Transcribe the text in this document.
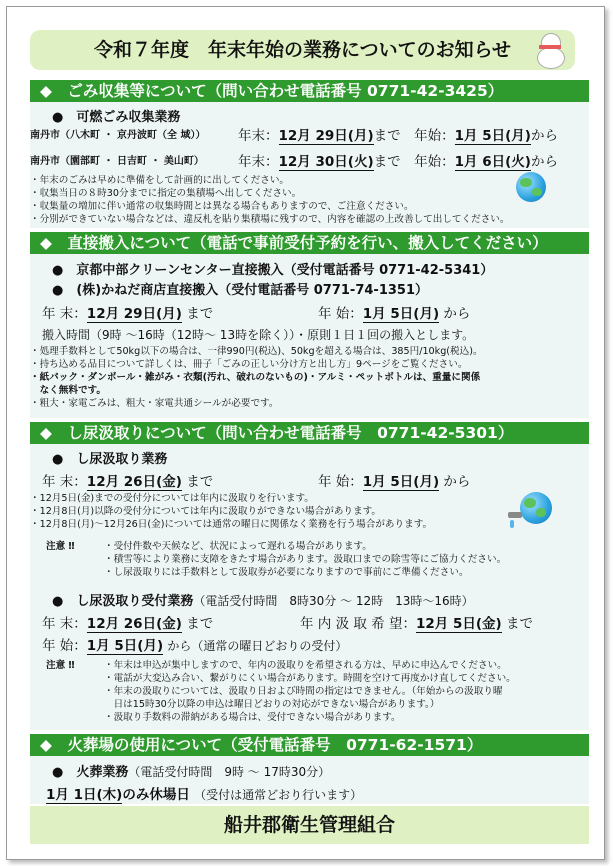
令和７年度　年末年始の業務についてのお知らせ
◆　ごみ収集等について（問い合わせ電話番号 0771-42-3425）
●　可燃ごみ収集業務
南丹市（八木町 ・ 京丹波町（全 域）） 年末：12月 29日(月)まで　年始：1月 5日(月)から
南丹市（園部町 ・ 日吉町 ・ 美山町）	年末：12月 30日(火)まで　年始：1月 6日(火)から
・年末のごみは早めに準備をして計画的に出してください。
・収集当日の８時30分までに指定の集積場へ出してください。
・収集量の増加に伴い通常の収集時間とは異なる場合もありますので、ご注意ください。
・分別ができていない場合などは、違反札を貼り集積場に残すので、内容を確認の上改善して出してください。
◆　直接搬入について（電話で事前受付予約を行い、搬入してください）
●　京都中部クリーンセンター直接搬入（受付電話番号 0771-42-5341）
●　(株)かねだ商店直接搬入（受付電話番号 0771-74-1351）
年 末：12月 29日(月) まで	年 始：1月 5日(月) から
搬入時間（9時 ～16時（12時～ 13時を除く））・原則１日１回の搬入とします。
・処理手数料として50kg以下の場合は、一律990円(税込)、50kgを超える場合は、385円/10kg(税込)。
・持ち込める品目について詳しくは、冊子「ごみの正しい分け方と出し方」9ページをご覧ください。
・紙パック・ダンボール・雑がみ・衣類(汚れ、破れのないもの)・アルミ・ペットボトルは、重量に関係
　なく無料です。
・粗大・家電ごみは、粗大・家電共通シールが必要です。
◆　し尿汲取りについて（問い合わせ電話番号　0771-42-5301）
●　し尿汲取り業務
年 末：12月 26日(金) まで	年 始：1月 5日(月) から
・12月5日(金)までの受付分については年内に汲取りを行います。
・12月8日(月)以降の受付分については年内に汲取りができない場合があります。
・12月8日(月)～12月26日(金)については通常の曜日に関係なく業務を行う場合があります。
注意 ‼	・受付件数や天候など、状況によって遅れる場合があります。
・積雪等により業務に支障をきたす場合があります。汲取口までの除雪等にご協力ください。
・し尿汲取りには手数料として汲取券が必要になりますので事前にご準備ください。
●　し尿汲取り受付業務（電話受付時間　8時30分 ～ 12時　13時～16時）
年 末：12月 26日(金) まで	年 内 汲 取 希 望：12月 5日(金) まで
年 始：1月 5日(月) から（通常の曜日どおりの受付）
注意 ‼	・年末は申込が集中しますので、年内の汲取りを希望される方は、早めに申込んでください。
・電話が大変込み合い、繋がりにくい場合があります。時間を空けて再度かけ直してください。
・年末の汲取りについては、汲取り日および時間の指定はできません。（年始からの汲取り曜
　日は15時30分以降の申込は曜日どおりの対応ができない場合があります。）
・汲取り手数料の滞納がある場合は、受付できない場合があります。
◆　火葬場の使用について（受付電話番号　0771-62-1571）
●　火葬業務（電話受付時間　9時 ～ 17時30分）
1月 1日(木)のみ休場日 （受付は通常どおり行います）
船井郡衛生管理組合
